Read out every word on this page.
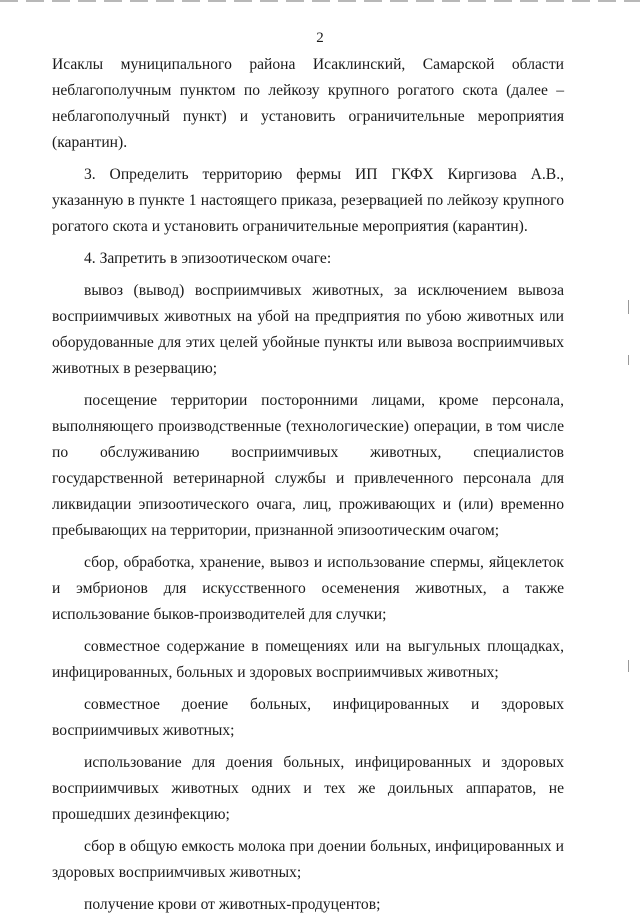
2

Исаклы муниципального района Исаклинский, Самарской области неблагополучным пунктом по лейкозу крупного рогатого скота (далее – неблагополучный пункт) и установить ограничительные мероприятия (карантин).

3. Определить территорию фермы ИП ГКФХ Киргизова А.В., указанную в пункте 1 настоящего приказа, резервацией по лейкозу крупного рогатого скота и установить ограничительные мероприятия (карантин).

4. Запретить в эпизоотическом очаге:

вывоз (вывод) восприимчивых животных, за исключением вывоза восприимчивых животных на убой на предприятия по убою животных или оборудованные для этих целей убойные пункты или вывоза восприимчивых животных в резервацию;

посещение территории посторонними лицами, кроме персонала, выполняющего производственные (технологические) операции, в том числе по обслуживанию восприимчивых животных, специалистов государственной ветеринарной службы и привлеченного персонала для ликвидации эпизоотического очага, лиц, проживающих и (или) временно пребывающих на территории, признанной эпизоотическим очагом;

сбор, обработка, хранение, вывоз и использование спермы, яйцеклеток и эмбрионов для искусственного осеменения животных, а также использование быков-производителей для случки;

совместное содержание в помещениях или на выгульных площадках, инфицированных, больных и здоровых восприимчивых животных;

совместное доение больных, инфицированных и здоровых восприимчивых животных;

использование для доения больных, инфицированных и здоровых восприимчивых животных одних и тех же доильных аппаратов, не прошедших дезинфекцию;

сбор в общую емкость молока при доении больных, инфицированных и здоровых восприимчивых животных;

получение крови от животных-продуцентов;
